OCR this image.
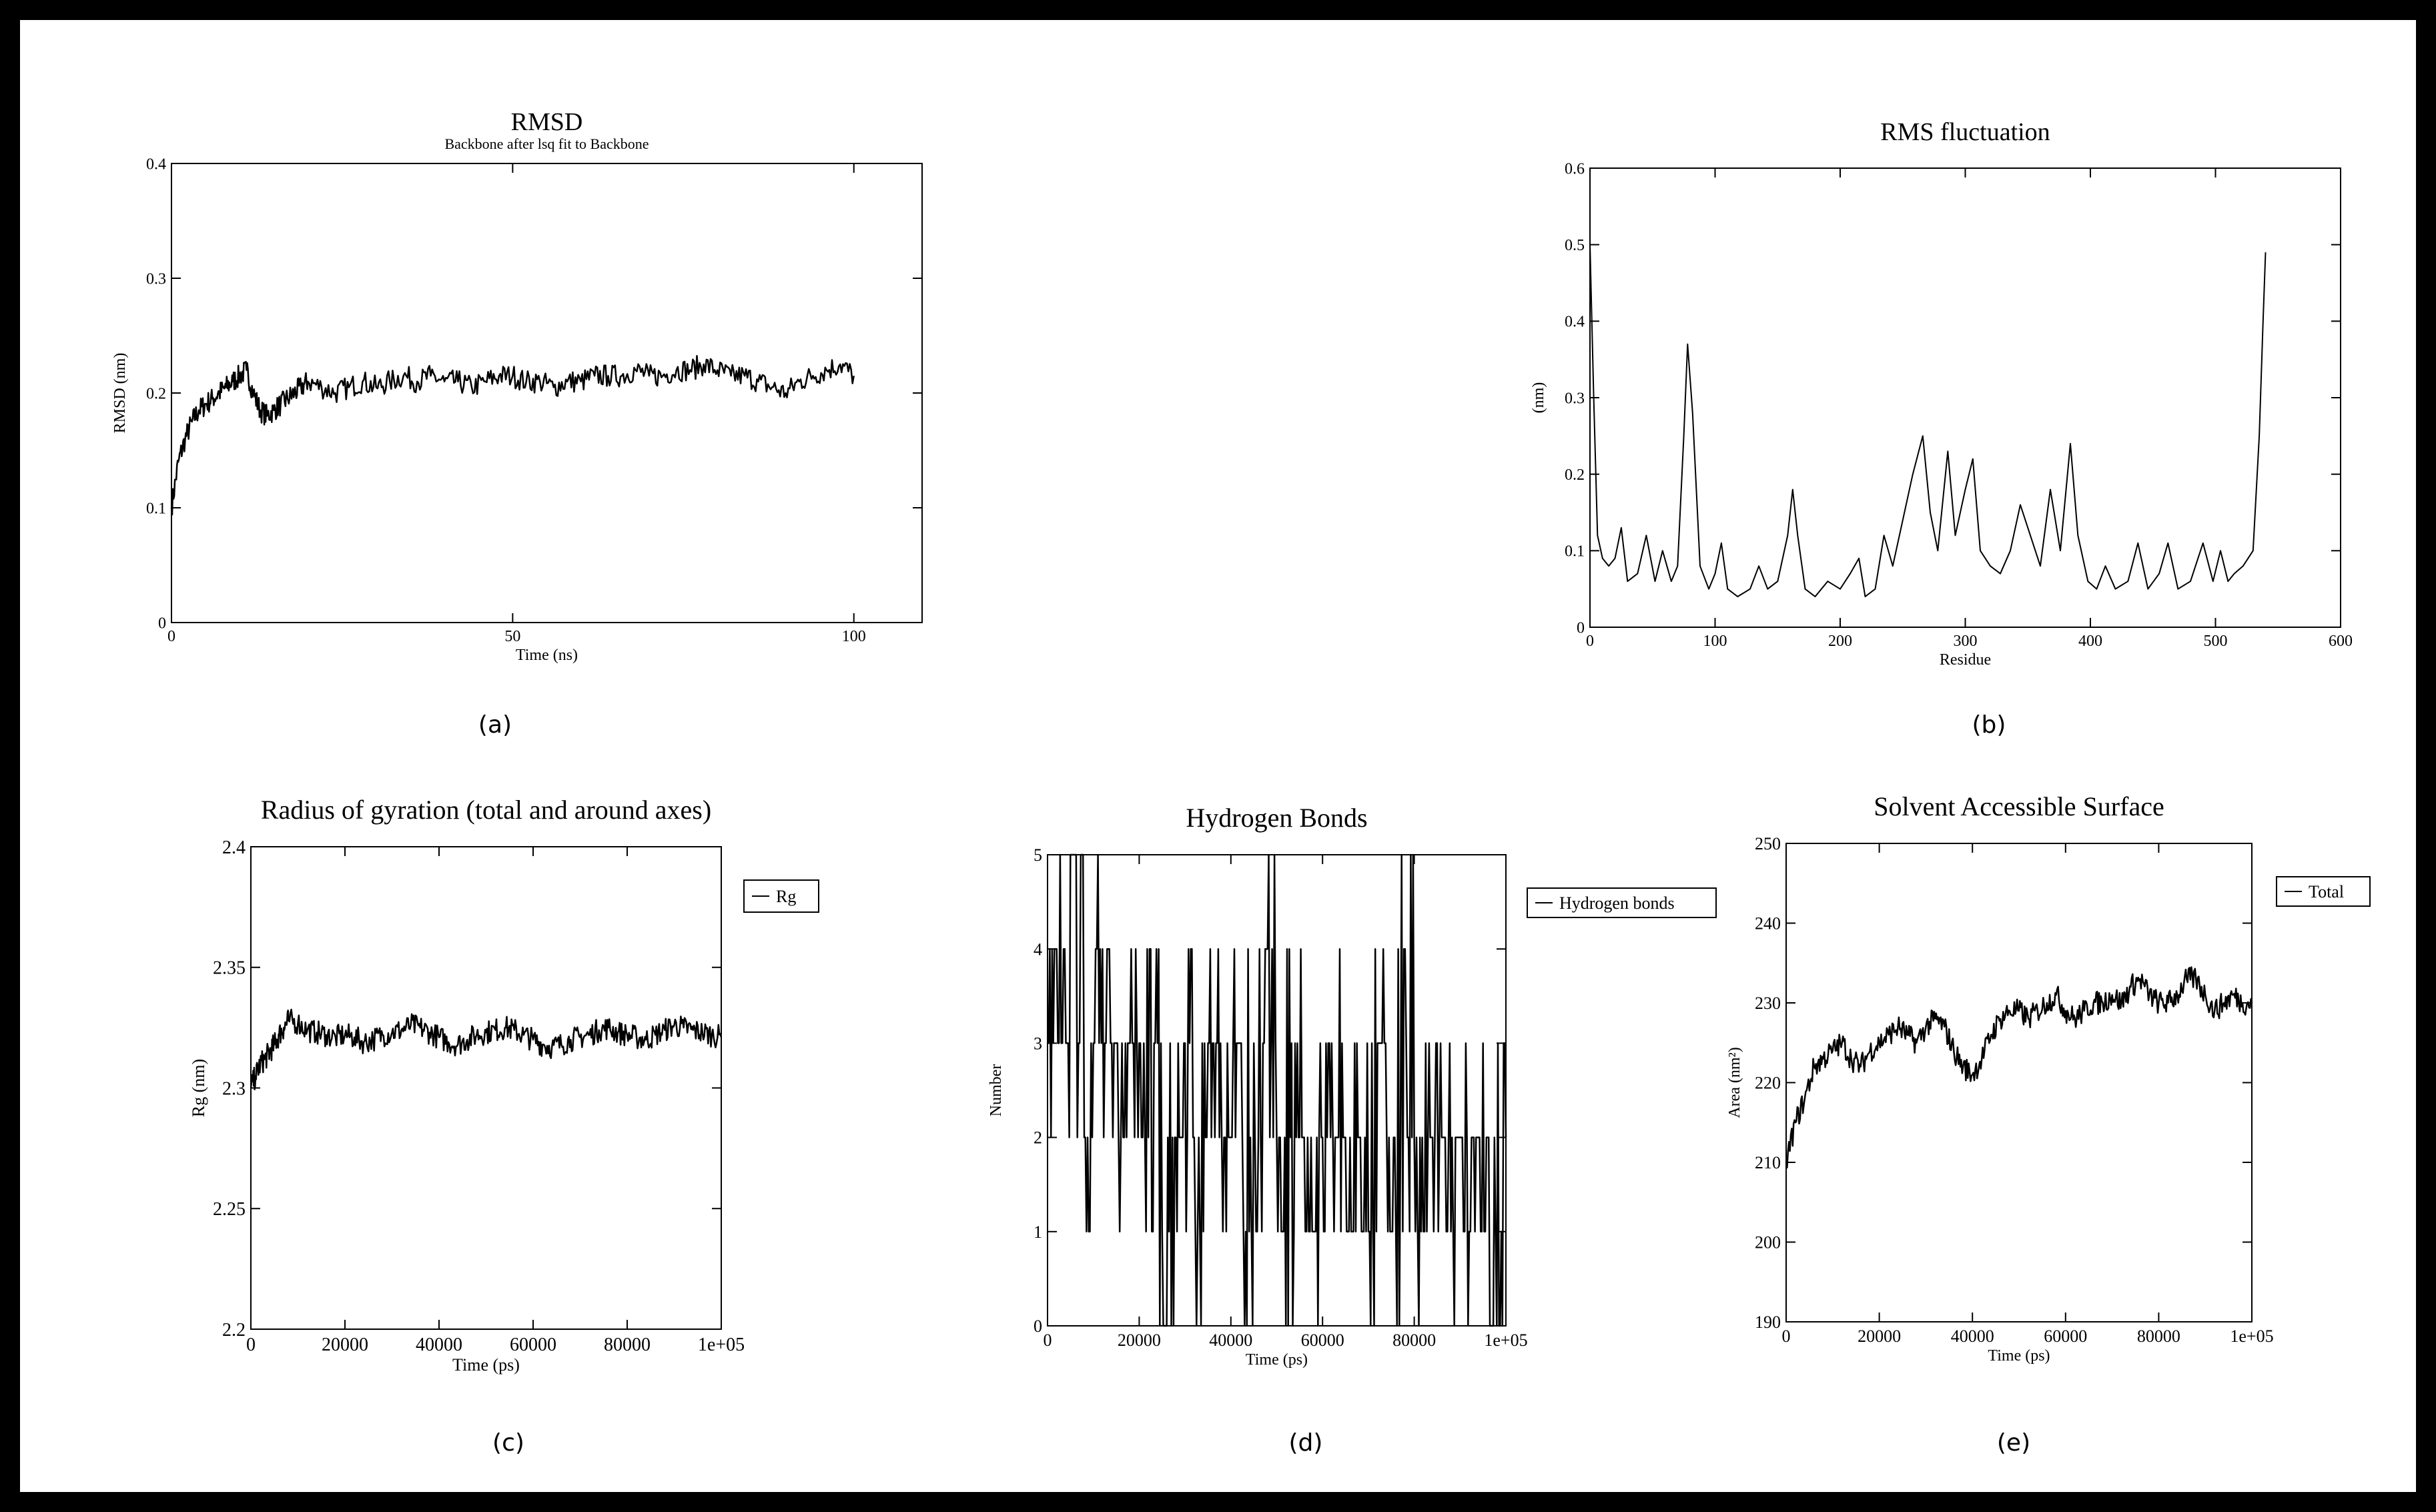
RMSD
Backbone after lsq fit to Backbone
0
0.1
0.2
0.3
0.4
0	50	100
Time (ns)
RMSD (nm)
RMS fluctuation
0
0.1
0.2
0.3
0.4
0.5
0.6
0	100	200	300	400	500	600
Residue
(nm)
Radius of gyration (total and around axes)
2.2
2.25
2.3
2.35
2.4
0	20000	40000	60000	80000	1e+05
Time (ps)
Rg (nm)
Rg
Hydrogen Bonds
0
1
2
3
4
5
0	20000	40000	60000	80000	1e+05
Time (ps)
Number
Hydrogen bonds
Solvent Accessible Surface
190
200
210
220
230
240
250
0	20000	40000	60000	80000	1e+05
Time (ps)
Area (nm²)
Total
(a)	(b)
(c)	(d)	(e)
